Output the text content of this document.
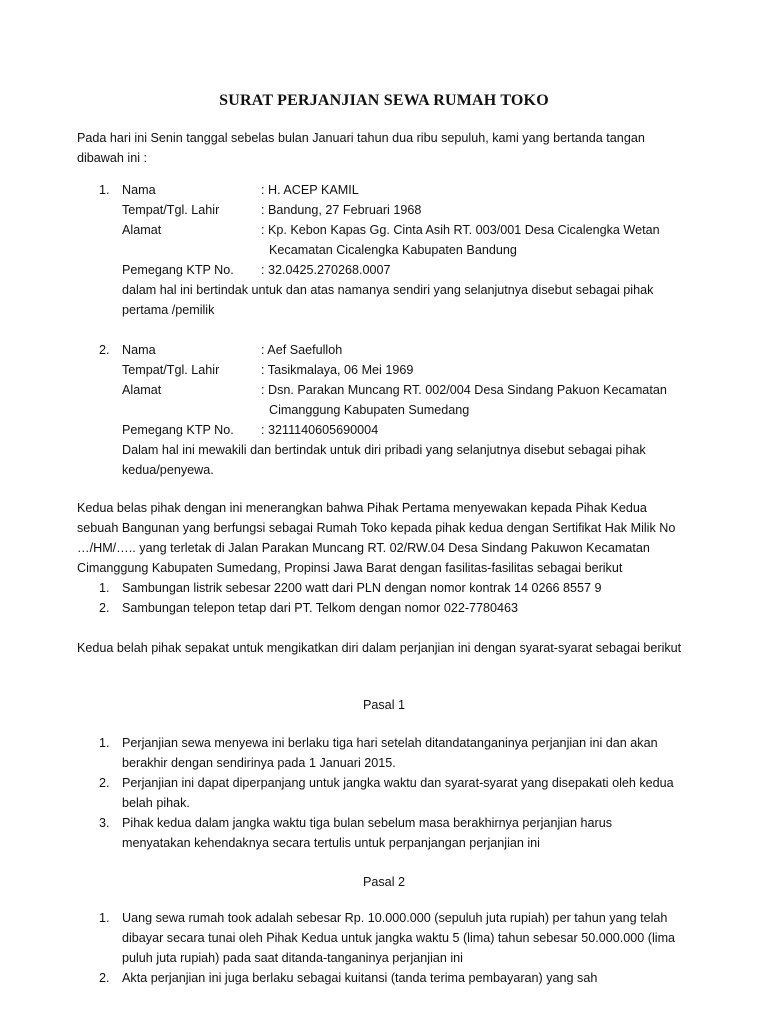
SURAT PERJANJIAN SEWA RUMAH TOKO
Pada hari ini Senin tanggal sebelas bulan Januari tahun dua ribu sepuluh, kami yang bertanda tangan
dibawah ini :
1. Nama	: H. ACEP KAMIL
Tempat/Tgl. Lahir	: Bandung, 27 Februari 1968
Alamat	: Kp. Kebon Kapas Gg. Cinta Asih RT. 003/001 Desa Cicalengka Wetan
Kecamatan Cicalengka Kabupaten Bandung
Pemegang KTP No. : 32.0425.270268.0007
dalam hal ini bertindak untuk dan atas namanya sendiri yang selanjutnya disebut sebagai pihak
pertama /pemilik
2. Nama	: Aef Saefulloh
Tempat/Tgl. Lahir	: Tasikmalaya, 06 Mei 1969
Alamat	: Dsn. Parakan Muncang RT. 002/004 Desa Sindang Pakuon Kecamatan
Cimanggung Kabupaten Sumedang
Pemegang KTP No. : 3211140605690004
Dalam hal ini mewakili dan bertindak untuk diri pribadi yang selanjutnya disebut sebagai pihak
kedua/penyewa.
Kedua belas pihak dengan ini menerangkan bahwa Pihak Pertama menyewakan kepada Pihak Kedua
sebuah Bangunan yang berfungsi sebagai Rumah Toko kepada pihak kedua dengan Sertifikat Hak Milik No
…/HM/….. yang terletak di Jalan Parakan Muncang RT. 02/RW.04 Desa Sindang Pakuwon Kecamatan
Cimanggung Kabupaten Sumedang, Propinsi Jawa Barat dengan fasilitas-fasilitas sebagai berikut
1. Sambungan listrik sebesar 2200 watt dari PLN dengan nomor kontrak 14 0266 8557 9
2. Sambungan telepon tetap dari PT. Telkom dengan nomor 022-7780463
Kedua belah pihak sepakat untuk mengikatkan diri dalam perjanjian ini dengan syarat-syarat sebagai berikut
Pasal 1
1. Perjanjian sewa menyewa ini berlaku tiga hari setelah ditandatanganinya perjanjian ini dan akan
berakhir dengan sendirinya pada 1 Januari 2015.
2. Perjanjian ini dapat diperpanjang untuk jangka waktu dan syarat-syarat yang disepakati oleh kedua
belah pihak.
3. Pihak kedua dalam jangka waktu tiga bulan sebelum masa berakhirnya perjanjian harus
menyatakan kehendaknya secara tertulis untuk perpanjangan perjanjian ini
Pasal 2
1. Uang sewa rumah took adalah sebesar Rp. 10.000.000 (sepuluh juta rupiah) per tahun yang telah
dibayar secara tunai oleh Pihak Kedua untuk jangka waktu 5 (lima) tahun sebesar 50.000.000 (lima
puluh juta rupiah) pada saat ditanda-tanganinya perjanjian ini
2. Akta perjanjian ini juga berlaku sebagai kuitansi (tanda terima pembayaran) yang sah
